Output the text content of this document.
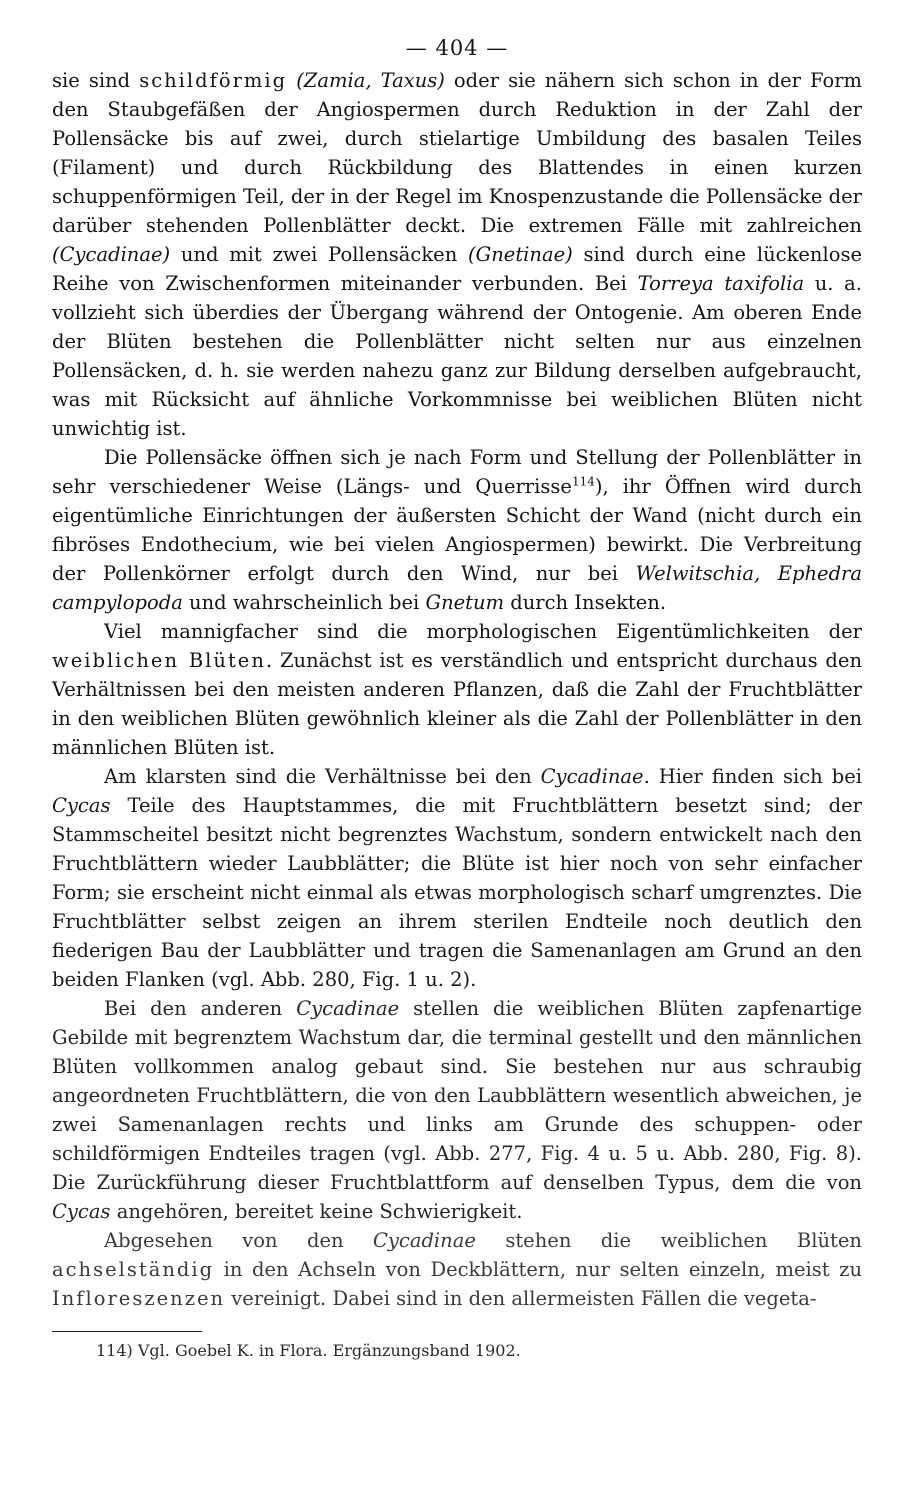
— 404 —

sie sind schildförmig (Zamia, Taxus) oder sie nähern sich schon in der Form den Staubgefäßen der Angiospermen durch Reduktion in der Zahl der Pollensäcke bis auf zwei, durch stielartige Umbildung des basalen Teiles (Filament) und durch Rückbildung des Blattendes in einen kurzen schuppenförmigen Teil, der in der Regel im Knospenzustande die Pollensäcke der darüber stehenden Pollenblätter deckt. Die extremen Fälle mit zahlreichen (Cycadinae) und mit zwei Pollensäcken (Gnetinae) sind durch eine lückenlose Reihe von Zwischenformen miteinander verbunden. Bei Torreya taxifolia u. a. vollzieht sich überdies der Übergang während der Ontogenie. Am oberen Ende der Blüten bestehen die Pollenblätter nicht selten nur aus einzelnen Pollensäcken, d. h. sie werden nahezu ganz zur Bildung derselben aufgebraucht, was mit Rücksicht auf ähnliche Vorkommnisse bei weiblichen Blüten nicht unwichtig ist.

Die Pollensäcke öffnen sich je nach Form und Stellung der Pollenblätter in sehr verschiedener Weise (Längs- und Querrisse$^{114}$), ihr Öffnen wird durch eigentümliche Einrichtungen der äußersten Schicht der Wand (nicht durch ein fibröses Endothecium, wie bei vielen Angiospermen) bewirkt. Die Verbreitung der Pollenkörner erfolgt durch den Wind, nur bei Welwitschia, Ephedra campylopoda und wahrscheinlich bei Gnetum durch Insekten.

Viel mannigfacher sind die morphologischen Eigentümlichkeiten der weiblichen Blüten. Zunächst ist es verständlich und entspricht durchaus den Verhältnissen bei den meisten anderen Pflanzen, daß die Zahl der Fruchtblätter in den weiblichen Blüten gewöhnlich kleiner als die Zahl der Pollenblätter in den männlichen Blüten ist.

Am klarsten sind die Verhältnisse bei den Cycadinae. Hier finden sich bei Cycas Teile des Hauptstammes, die mit Fruchtblättern besetzt sind; der Stammscheitel besitzt nicht begrenztes Wachstum, sondern entwickelt nach den Fruchtblättern wieder Laubblätter; die Blüte ist hier noch von sehr einfacher Form; sie erscheint nicht einmal als etwas morphologisch scharf umgrenztes. Die Fruchtblätter selbst zeigen an ihrem sterilen Endteile noch deutlich den fiederigen Bau der Laubblätter und tragen die Samenanlagen am Grund an den beiden Flanken (vgl. Abb. 280, Fig. 1 u. 2).

Bei den anderen Cycadinae stellen die weiblichen Blüten zapfenartige Gebilde mit begrenztem Wachstum dar, die terminal gestellt und den männlichen Blüten vollkommen analog gebaut sind. Sie bestehen nur aus schraubig angeordneten Fruchtblättern, die von den Laubblättern wesentlich abweichen, je zwei Samenanlagen rechts und links am Grunde des schuppen- oder schildförmigen Endteiles tragen (vgl. Abb. 277, Fig. 4 u. 5 u. Abb. 280, Fig. 8). Die Zurückführung dieser Fruchtblattform auf denselben Typus, dem die von Cycas angehören, bereitet keine Schwierigkeit.

Abgesehen von den Cycadinae stehen die weiblichen Blüten achselständig in den Achseln von Deckblättern, nur selten einzeln, meist zu Infloreszenzen vereinigt. Dabei sind in den allermeisten Fällen die vegeta-

114) Vgl. Goebel K. in Flora. Ergänzungsband 1902.
